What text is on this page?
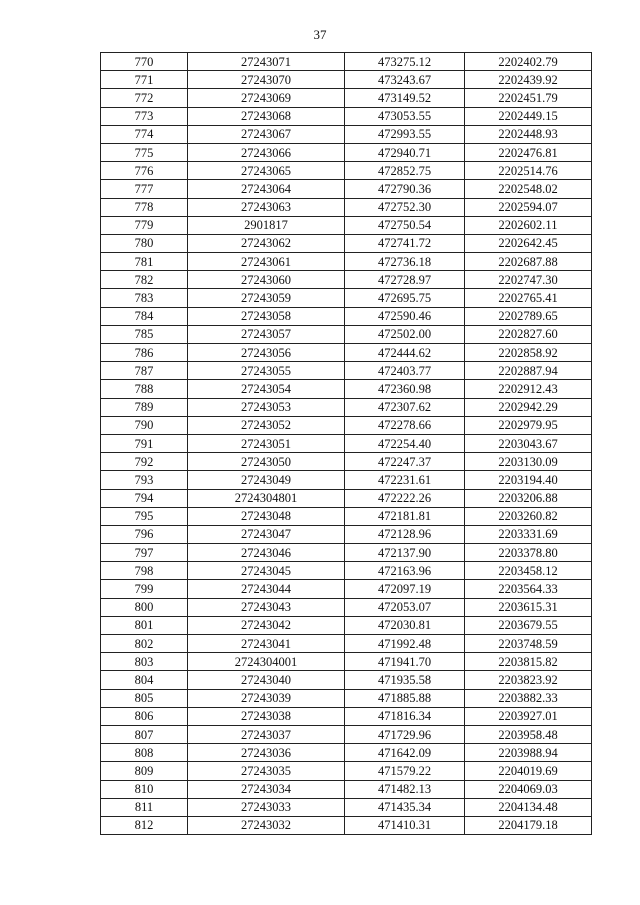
37
770	27243071	473275.12	2202402.79
771	27243070	473243.67	2202439.92
772	27243069	473149.52	2202451.79
773	27243068	473053.55	2202449.15
774	27243067	472993.55	2202448.93
775	27243066	472940.71	2202476.81
776	27243065	472852.75	2202514.76
777	27243064	472790.36	2202548.02
778	27243063	472752.30	2202594.07
779	2901817	472750.54	2202602.11
780	27243062	472741.72	2202642.45
781	27243061	472736.18	2202687.88
782	27243060	472728.97	2202747.30
783	27243059	472695.75	2202765.41
784	27243058	472590.46	2202789.65
785	27243057	472502.00	2202827.60
786	27243056	472444.62	2202858.92
787	27243055	472403.77	2202887.94
788	27243054	472360.98	2202912.43
789	27243053	472307.62	2202942.29
790	27243052	472278.66	2202979.95
791	27243051	472254.40	2203043.67
792	27243050	472247.37	2203130.09
793	27243049	472231.61	2203194.40
794	2724304801	472222.26	2203206.88
795	27243048	472181.81	2203260.82
796	27243047	472128.96	2203331.69
797	27243046	472137.90	2203378.80
798	27243045	472163.96	2203458.12
799	27243044	472097.19	2203564.33
800	27243043	472053.07	2203615.31
801	27243042	472030.81	2203679.55
802	27243041	471992.48	2203748.59
803	2724304001	471941.70	2203815.82
804	27243040	471935.58	2203823.92
805	27243039	471885.88	2203882.33
806	27243038	471816.34	2203927.01
807	27243037	471729.96	2203958.48
808	27243036	471642.09	2203988.94
809	27243035	471579.22	2204019.69
810	27243034	471482.13	2204069.03
811	27243033	471435.34	2204134.48
812	27243032	471410.31	2204179.18
